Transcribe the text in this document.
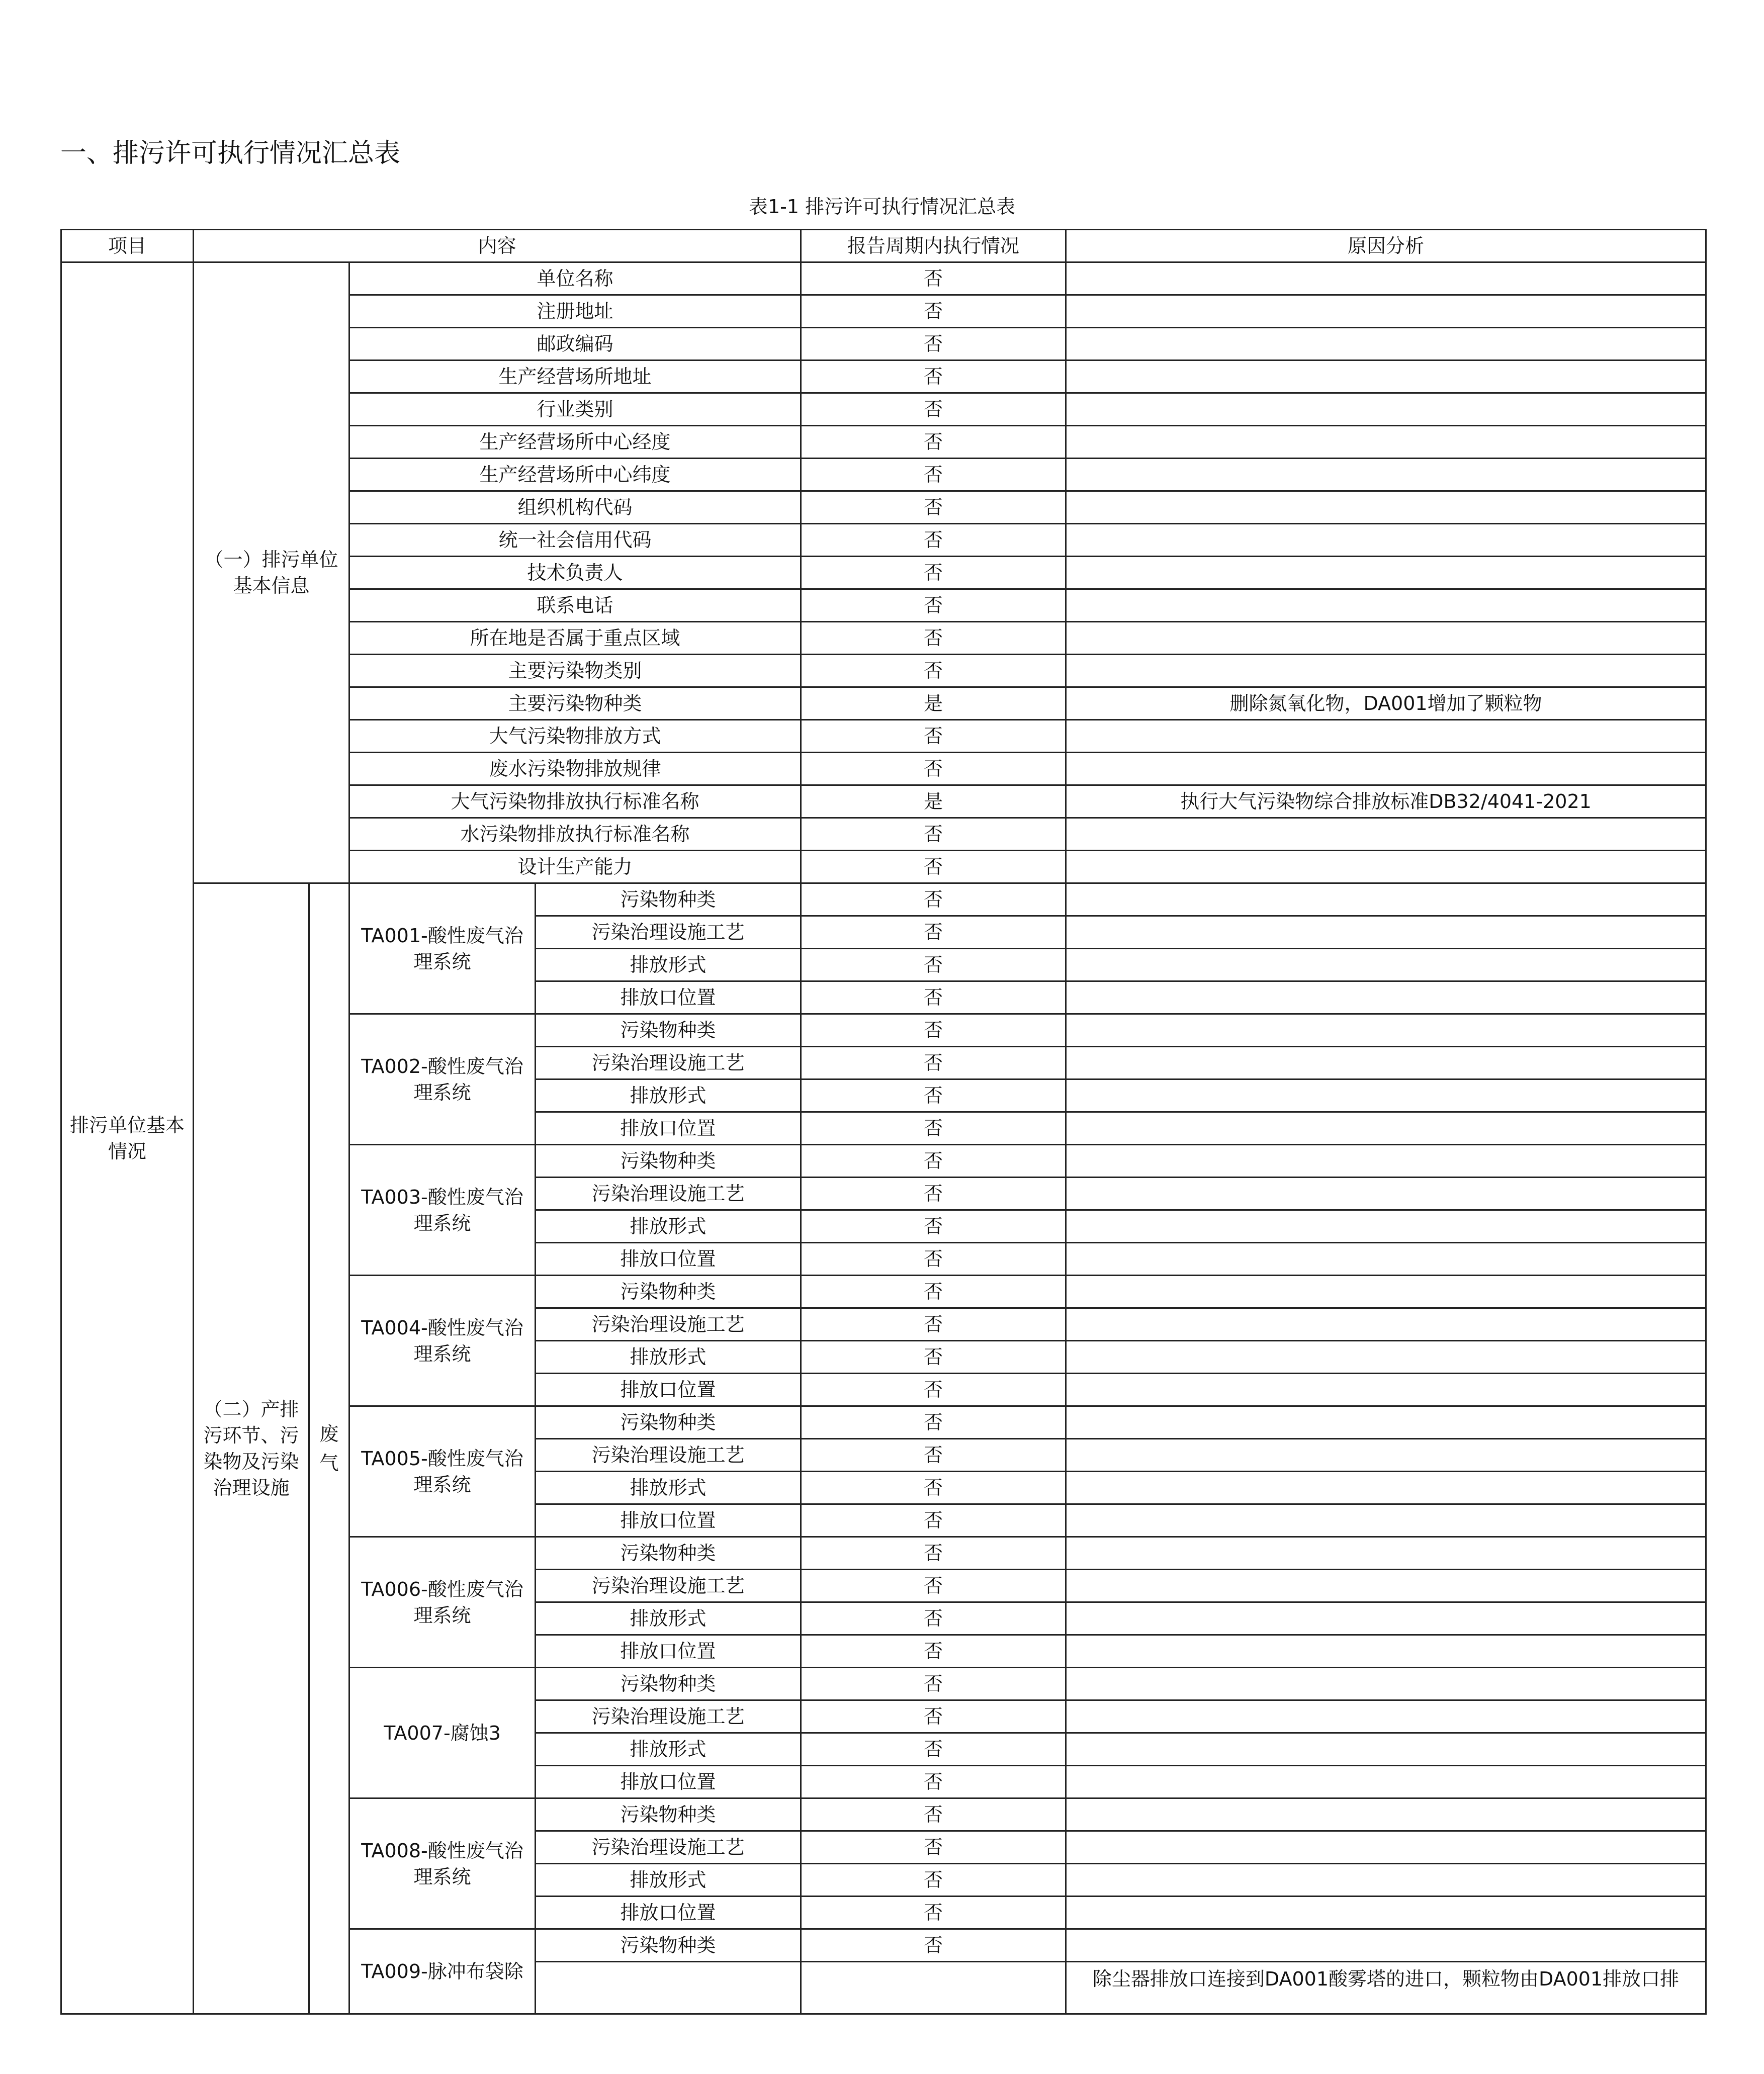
一、排污许可执行情况汇总表
表1-1 排污许可执行情况汇总表
项目	内容				报告周期内执行情况	原因分析
排污单位基本情况	（一）排污单位基本信息		单位名称		否	
			注册地址		否	
			邮政编码		否	
			生产经营场所地址		否	
			行业类别		否	
			生产经营场所中心经度		否	
			生产经营场所中心纬度		否	
			组织机构代码		否	
			统一社会信用代码		否	
			技术负责人		否	
			联系电话		否	
			所在地是否属于重点区域		否	
			主要污染物类别		否	
			主要污染物种类		是	删除氮氧化物，DA001增加了颗粒物
			大气污染物排放方式		否	
			废水污染物排放规律		否	
			大气污染物排放执行标准名称		是	执行大气污染物综合排放标准DB32/4041-2021
			水污染物排放执行标准名称		否	
			设计生产能力		否	
	（二）产排污环节、污染物及污染治理设施	废气	TA001-酸性废气治理系统	污染物种类	否	
				污染治理设施工艺	否	
				排放形式	否	
				排放口位置	否	
			TA002-酸性废气治理系统	污染物种类	否	
				污染治理设施工艺	否	
				排放形式	否	
				排放口位置	否	
			TA003-酸性废气治理系统	污染物种类	否	
				污染治理设施工艺	否	
				排放形式	否	
				排放口位置	否	
			TA004-酸性废气治理系统	污染物种类	否	
				污染治理设施工艺	否	
				排放形式	否	
				排放口位置	否	
			TA005-酸性废气治理系统	污染物种类	否	
				污染治理设施工艺	否	
				排放形式	否	
				排放口位置	否	
			TA006-酸性废气治理系统	污染物种类	否	
				污染治理设施工艺	否	
				排放形式	否	
				排放口位置	否	
			TA007-腐蚀3	污染物种类	否	
				污染治理设施工艺	否	
				排放形式	否	
				排放口位置	否	
			TA008-酸性废气治理系统	污染物种类	否	
				污染治理设施工艺	否	
				排放形式	否	
				排放口位置	否	
			TA009-脉冲布袋除	污染物种类	否	
						除尘器排放口连接到DA001酸雾塔的进口，颗粒物由DA001排放口排
